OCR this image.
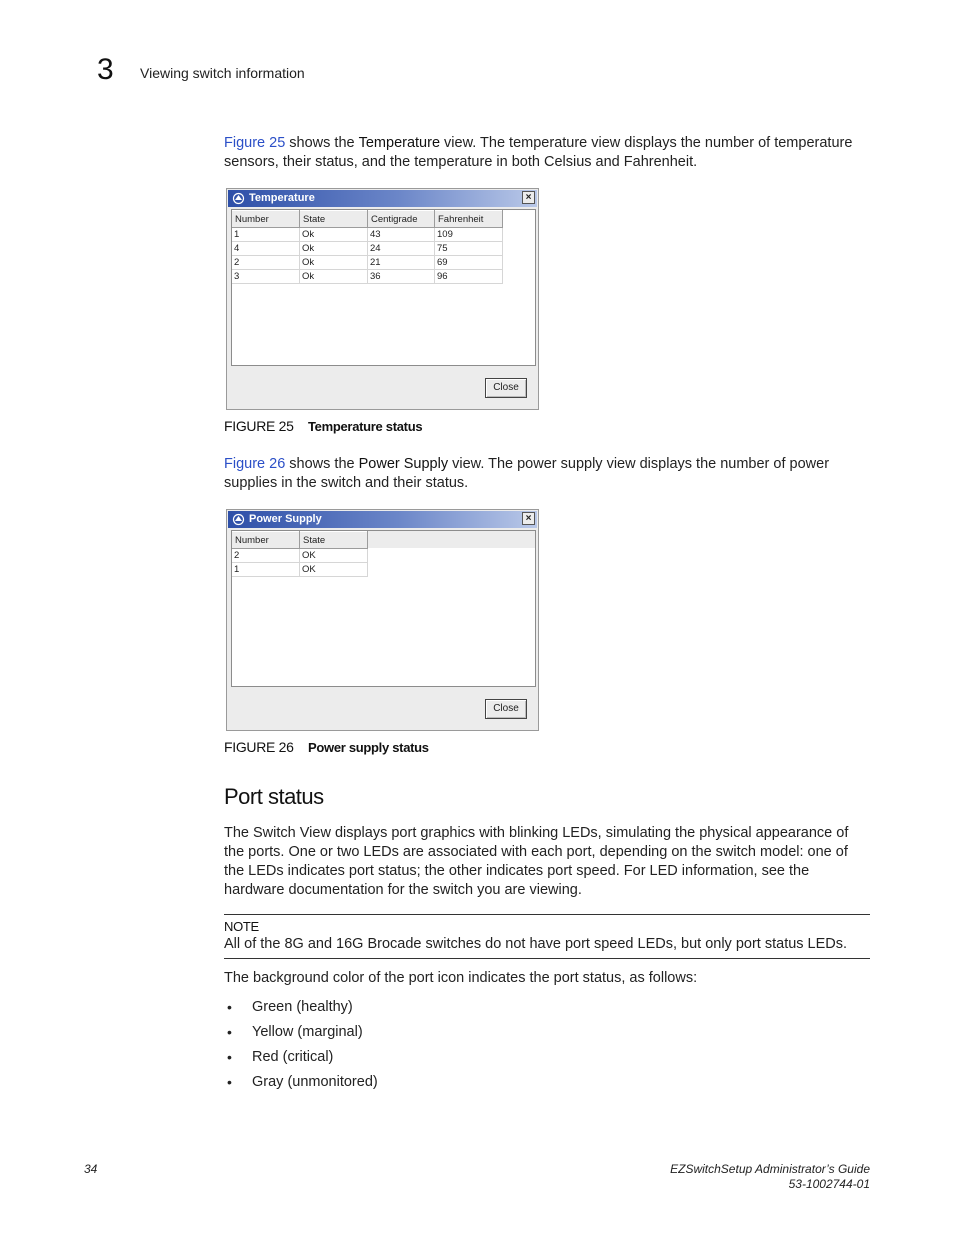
3 Viewing switch information
Figure 25 shows the Temperature view. The temperature view displays the number of temperature sensors, their status, and the temperature in both Celsius and Fahrenheit.
Temperature	×
Number	State	Centigrade	Fahrenheit
1	Ok	43	109
4	Ok	24	75
2	Ok	21	69
3	Ok	36	96
Close
FIGURE 25 Temperature status
Figure 26 shows the Power Supply view. The power supply view displays the number of power supplies in the switch and their status.
Power Supply	×
Number	State
2	OK
1	OK
Close
FIGURE 26 Power supply status
Port status
The Switch View displays port graphics with blinking LEDs, simulating the physical appearance of the ports. One or two LEDs are associated with each port, depending on the switch model: one of the LEDs indicates port status; the other indicates port speed. For LED information, see the hardware documentation for the switch you are viewing.
NOTE
All of the 8G and 16G Brocade switches do not have port speed LEDs, but only port status LEDs.
The background color of the port icon indicates the port status, as follows:
• Green (healthy)
• Yellow (marginal)
• Red (critical)
• Gray (unmonitored)
34	EZSwitchSetup Administrator’s Guide
53-1002744-01
